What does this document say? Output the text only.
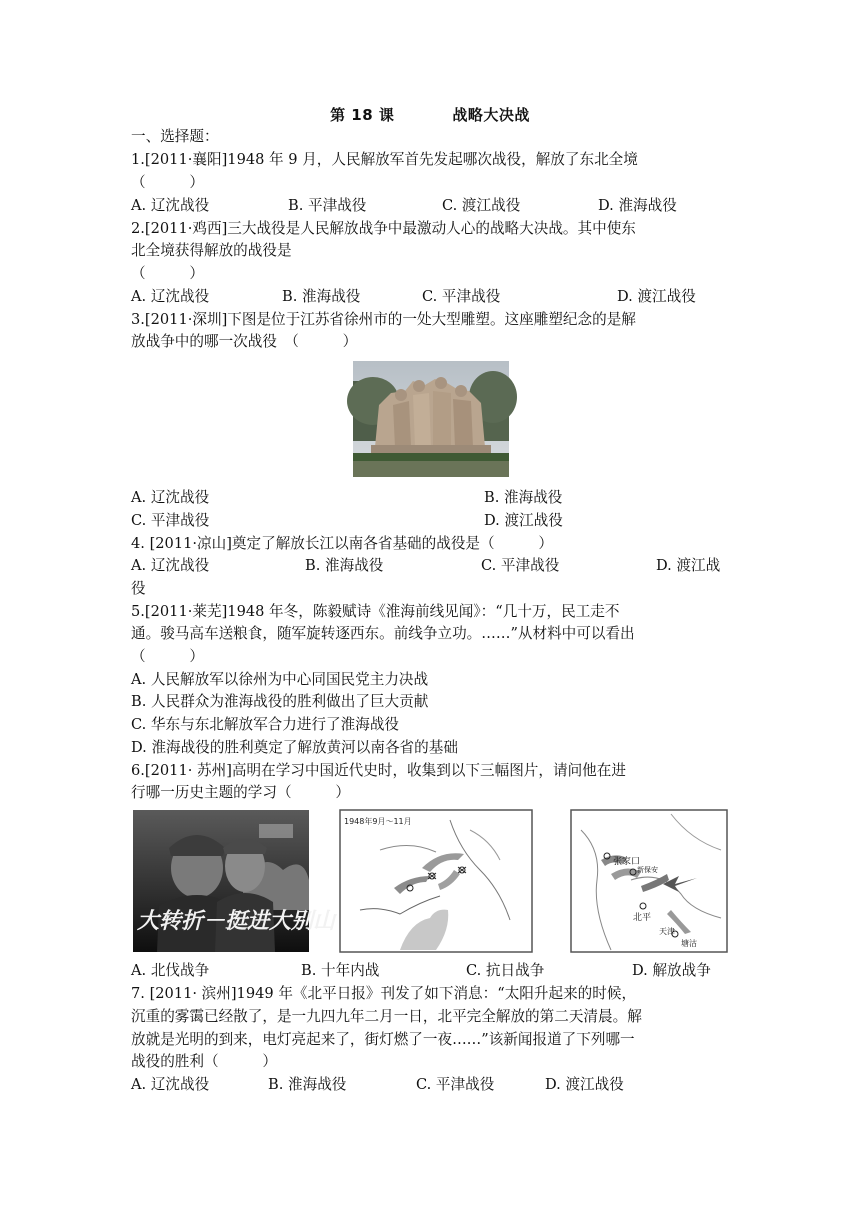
第 18 课	战略大决战
一、选择题：
1.[2011·襄阳]1948 年 9 月，人民解放军首先发起哪次战役，解放了东北全境
（　　　）
A. 辽沈战役	B. 平津战役	C. 渡江战役	D. 淮海战役
2.[2011·鸡西]三大战役是人民解放战争中最激动人心的战略大决战。其中使东
北全境获得解放的战役是
（　　　）
A. 辽沈战役	B. 淮海战役	C. 平津战役	D. 渡江战役
3.[2011·深圳]下图是位于江苏省徐州市的一处大型雕塑。这座雕塑纪念的是解
放战争中的哪一次战役　（　　　）
A. 辽沈战役	B. 淮海战役
C. 平津战役	D. 渡江战役
4. [2011·凉山]奠定了解放长江以南各省基础的战役是（　　　）
A. 辽沈战役	B. 淮海战役	C. 平津战役	D. 渡江战
役
5.[2011·莱芜]1948 年冬，陈毅赋诗《淮海前线见闻》：“几十万，民工走不
通。骏马高车送粮食，随军旋转逐西东。前线争立功。……”从材料中可以看出
（　　　）
A. 人民解放军以徐州为中心同国民党主力决战
B. 人民群众为淮海战役的胜利做出了巨大贡献
C. 华东与东北解放军合力进行了淮海战役
D. 淮海战役的胜利奠定了解放黄河以南各省的基础
6.[2011· 苏州]高明在学习中国近代史时，收集到以下三幅图片，请问他在进
行哪一历史主题的学习（　　　）
大转折－挺进大别山
1948年9月～11月
张家口
新保安
北平
天津
塘沽
A. 北伐战争	B. 十年内战	C. 抗日战争	D. 解放战争
7. [2011· 滨州]1949 年《北平日报》刊发了如下消息：“太阳升起来的时候，
沉重的雾霭已经散了，是一九四九年二月一日，北平完全解放的第二天清晨。解
放就是光明的到来，电灯亮起来了，街灯燃了一夜……”该新闻报道了下列哪一
战役的胜利（　　　）
A. 辽沈战役	B. 淮海战役	C. 平津战役	D. 渡江战役
